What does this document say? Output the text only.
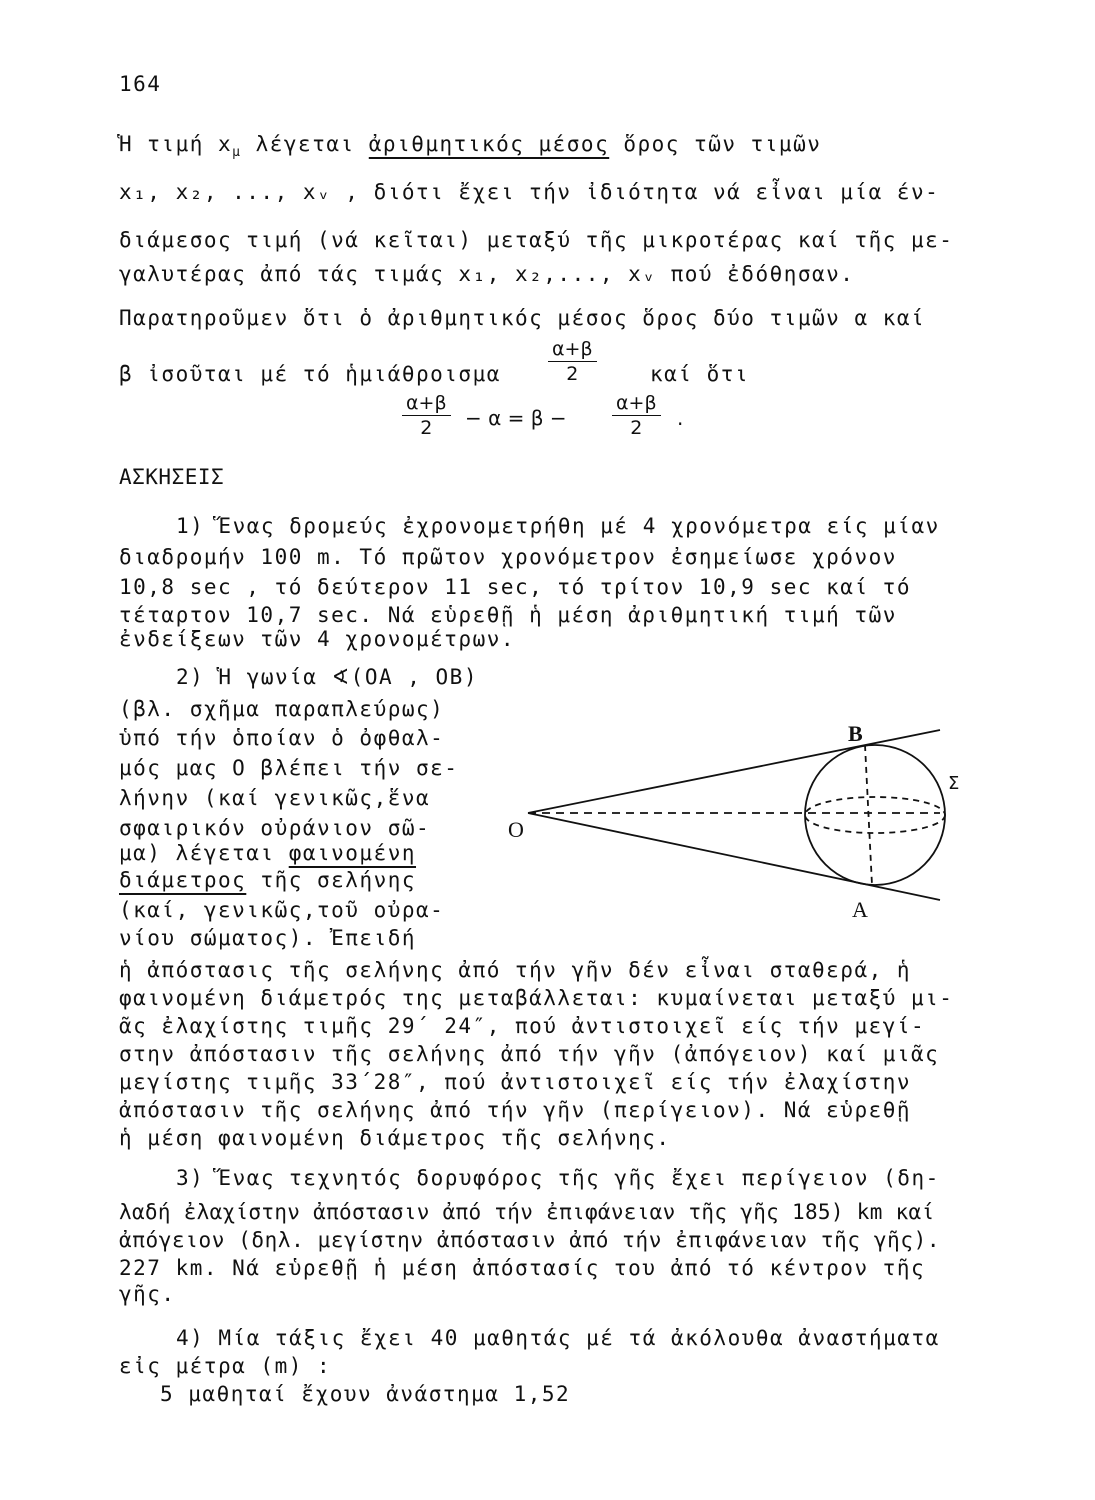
164
Ἡ τιμή $x_\mu$ λέγεται ἀριθμητικός μέσος ὅρος τῶν τιμῶν
x₁, x₂, ..., xᵥ , διότι ἔχει τήν ἰδιότητα νά εἶναι μία έν-
διάμεσος τιμή (νά κεῖται) μεταξύ τῆς μικροτέρας καί τῆς με-
γαλυτέρας ἀπό τάς τιμάς x₁, x₂,..., xᵥ πού ἐδόθησαν.
Παρατηροῦμεν ὅτι ὁ ἀριθμητικός μέσος ὅρος δύο τιμῶν α καί
β ἰσοῦται μέ τό ἡμιάθροισμα $\frac{\alpha+\beta}{2}$	καί ὅτι
$\frac{\alpha+\beta}{2} - \alpha = \beta - \frac{\alpha+\beta}{2}$ .
ΑΣΚΗΣΕΙΣ
1) Ἕνας δρομεύς ἐχρονομετρήθη μέ 4 χρονόμετρα είς μίαν
διαδρομήν 100 m. Τό πρῶτον χρονόμετρον ἐσημείωσε χρόνον
10,8 sec , τό δεύτερον 11 sec, τό τρίτον 10,9 sec καί τό
τέταρτον 10,7 sec. Νά εὑρεθῇ ἡ μέση ἀριθμητική τιμή τῶν
ἐνδείξεων τῶν 4 χρονομέτρων.
2) Ἡ γωνία ∢(ΟΑ , ΟΒ)
(βλ. σχῆμα παραπλεύρως)
ὑπό τήν ὁποίαν ὁ ὀφθαλ-
μός μας Ο βλέπει τήν σε-
λήνην (καί γενικῶς,ἕνα
σφαιρικόν οὐράνιον σῶ-
μα) λέγεται φαινομένη
διάμετρος τῆς σελήνης
(καί, γενικῶς,τοῦ οὐρα-
νίου σώματος). Ἐπειδή
O
B
A
Σ
ἡ ἀπόστασις τῆς σελήνης ἀπό τήν γῆν δέν εἶναι σταθερά, ἡ
φαινομένη διάμετρός της μεταβάλλεται: κυμαίνεται μεταξύ μι-
ᾶς ἐλαχίστης τιμῆς 29΄ 24″, πού ἀντιστοιχεῖ είς τήν μεγί-
στην ἀπόστασιν τῆς σελήνης ἀπό τήν γῆν (ἀπόγειον) καί μιᾶς
μεγίστης τιμῆς 33΄28″, πού ἀντιστοιχεῖ είς τήν ἐλαχίστην
ἀπόστασιν τῆς σελήνης ἀπό τήν γῆν (περίγειον). Νά εὑρεθῇ
ἡ μέση φαινομένη διάμετρος τῆς σελήνης.
3) Ἕνας τεχνητός δορυφόρος τῆς γῆς ἔχει περίγειον (δη-
λαδή ἐλαχίστην ἀπόστασιν ἀπό τήν ἐπιφάνειαν τῆς γῆς 185) km καί
ἀπόγειον (δηλ. μεγίστην ἀπόστασιν ἀπό τήν ἐπιφάνειαν τῆς γῆς).
227 km. Νά εὑρεθῇ ἡ μέση ἀπόστασίς του ἀπό τό κέντρον τῆς
γῆς.
4) Μία τάξις ἔχει 40 μαθητάς μέ τά ἀκόλουθα ἀναστήματα
εἰς μέτρα (m) :
5 μαθηταί ἔχουν ἀνάστημα 1,52
